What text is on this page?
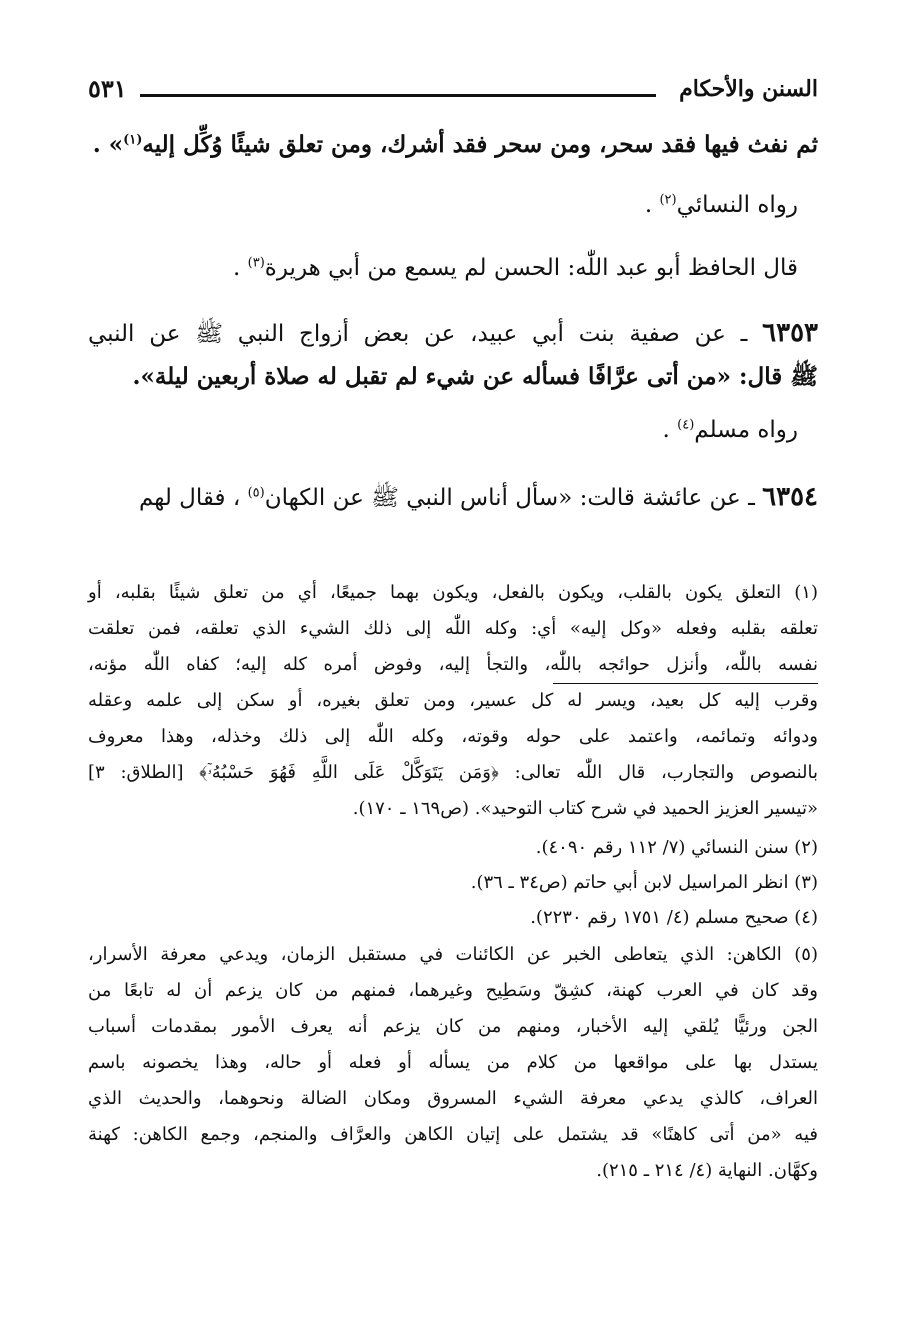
السنن والأحكام
٥٣١
ثم نفث فيها فقد سحر، ومن سحر فقد أشرك، ومن تعلق شيئًا وُكِّل إليه$^{(١)}$» .
رواه النسائي$^{(٢)}$ .
قال الحافظ أبو عبد اللّٰه: الحسن لم يسمع من أبي هريرة$^{(٣)}$ .
٦٣٥٣ ـ عن صفية بنت أبي عبيد، عن بعض أزواج النبي ﷺ عن النبي
ﷺ قال: «من أتى عرَّافًا فسأله عن شيء لم تقبل له صلاة أربعين ليلة».
رواه مسلم$^{(٤)}$ .
٦٣٥٤ ـ عن عائشة قالت: «سأل أناس النبي ﷺ عن الكهان$^{(٥)}$ ، فقال لهم
(١) التعلق يكون بالقلب، ويكون بالفعل، ويكون بهما جميعًا، أي من تعلق شيئًا بقلبه، أو
تعلقه بقلبه وفعله «وكل إليه» أي: وكله اللّٰه إلى ذلك الشيء الذي تعلقه، فمن تعلقت
نفسه باللّٰه، وأنزل حوائجه باللّٰه، والتجأ إليه، وفوض أمره كله إليه؛ كفاه اللّٰه مؤنه،
وقرب إليه كل بعيد، ويسر له كل عسير، ومن تعلق بغيره، أو سكن إلى علمه وعقله
ودوائه وتمائمه، واعتمد على حوله وقوته، وكله اللّٰه إلى ذلك وخذله، وهذا معروف
بالنصوص والتجارب، قال اللّٰه تعالى: ﴿وَمَن يَتَوَكَّلْ عَلَى اللَّهِ فَهُوَ حَسْبُهُۥٓ﴾ [الطلاق: ٣]
«تيسير العزيز الحميد في شرح كتاب التوحيد». (ص١٦٩ ـ ١٧٠).
(٢) سنن النسائي (٧/ ١١٢ رقم ٤٠٩٠).
(٣) انظر المراسيل لابن أبي حاتم (ص٣٤ ـ ٣٦).
(٤) صحيح مسلم (٤/ ١٧٥١ رقم ٢٢٣٠).
(٥) الكاهن: الذي يتعاطى الخبر عن الكائنات في مستقبل الزمان، ويدعي معرفة الأسرار،
وقد كان في العرب كهنة، كشِقّ وسَطِيح وغيرهما، فمنهم من كان يزعم أن له تابعًا من
الجن ورئيًّا يُلقي إليه الأخبار، ومنهم من كان يزعم أنه يعرف الأمور بمقدمات أسباب
يستدل بها على مواقعها من كلام من يسأله أو فعله أو حاله، وهذا يخصونه باسم
العراف، كالذي يدعي معرفة الشيء المسروق ومكان الضالة ونحوهما، والحديث الذي
فيه «من أتى كاهنًا» قد يشتمل على إتيان الكاهن والعرَّاف والمنجم، وجمع الكاهن: كهنة
وكهَّان. النهاية (٤/ ٢١٤ ـ ٢١٥).
